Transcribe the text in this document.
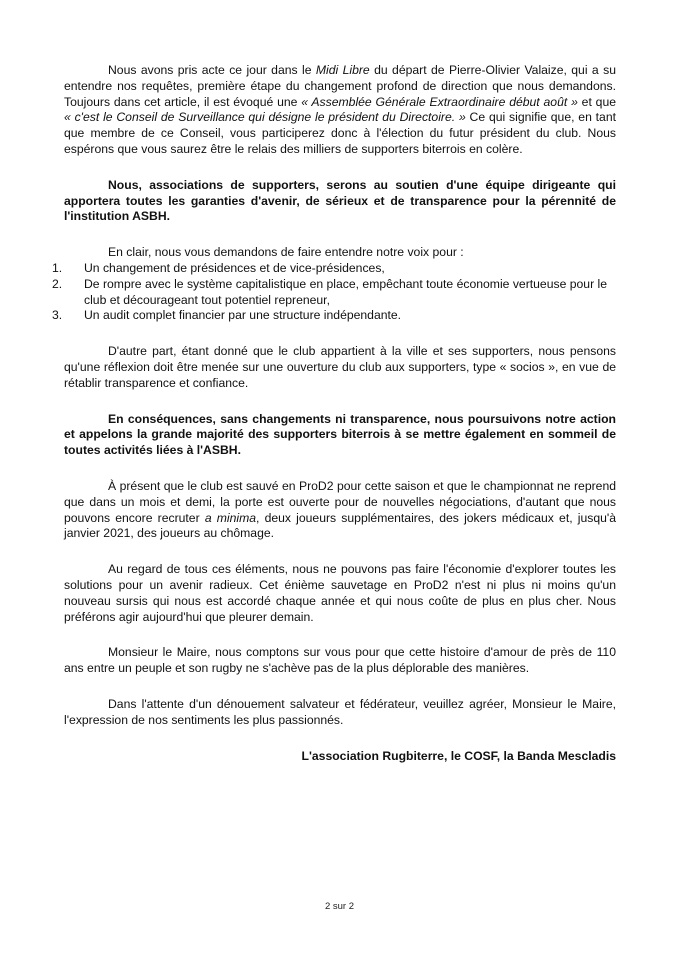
Nous avons pris acte ce jour dans le Midi Libre du départ de Pierre-Olivier Valaize, qui a su entendre nos requêtes, première étape du changement profond de direction que nous demandons. Toujours dans cet article, il est évoqué une « Assemblée Générale Extraordinaire début août » et que « c'est le Conseil de Surveillance qui désigne le président du Directoire. » Ce qui signifie que, en tant que membre de ce Conseil, vous participerez donc à l'élection du futur président du club. Nous espérons que vous saurez être le relais des milliers de supporters biterrois en colère.

Nous, associations de supporters, serons au soutien d'une équipe dirigeante qui apportera toutes les garanties d'avenir, de sérieux et de transparence pour la pérennité de l'institution ASBH.

En clair, nous vous demandons de faire entendre notre voix pour :

1. Un changement de présidences et de vice-présidences,
2. De rompre avec le système capitalistique en place, empêchant toute économie vertueuse pour le club et décourageant tout potentiel repreneur,
3. Un audit complet financier par une structure indépendante.

D'autre part, étant donné que le club appartient à la ville et ses supporters, nous pensons qu'une réflexion doit être menée sur une ouverture du club aux supporters, type « socios », en vue de rétablir transparence et confiance.

En conséquences, sans changements ni transparence, nous poursuivons notre action et appelons la grande majorité des supporters biterrois à se mettre également en sommeil de toutes activités liées à l'ASBH.

À présent que le club est sauvé en ProD2 pour cette saison et que le championnat ne reprend que dans un mois et demi, la porte est ouverte pour de nouvelles négociations, d'autant que nous pouvons encore recruter a minima, deux joueurs supplémentaires, des jokers médicaux et, jusqu'à janvier 2021, des joueurs au chômage.

Au regard de tous ces éléments, nous ne pouvons pas faire l'économie d'explorer toutes les solutions pour un avenir radieux. Cet énième sauvetage en ProD2 n'est ni plus ni moins qu'un nouveau sursis qui nous est accordé chaque année et qui nous coûte de plus en plus cher. Nous préférons agir aujourd'hui que pleurer demain.

Monsieur le Maire, nous comptons sur vous pour que cette histoire d'amour de près de 110 ans entre un peuple et son rugby ne s'achève pas de la plus déplorable des manières.

Dans l'attente d'un dénouement salvateur et fédérateur, veuillez agréer, Monsieur le Maire, l'expression de nos sentiments les plus passionnés.

L'association Rugbiterre, le COSF, la Banda Mescladis
2 sur 2
